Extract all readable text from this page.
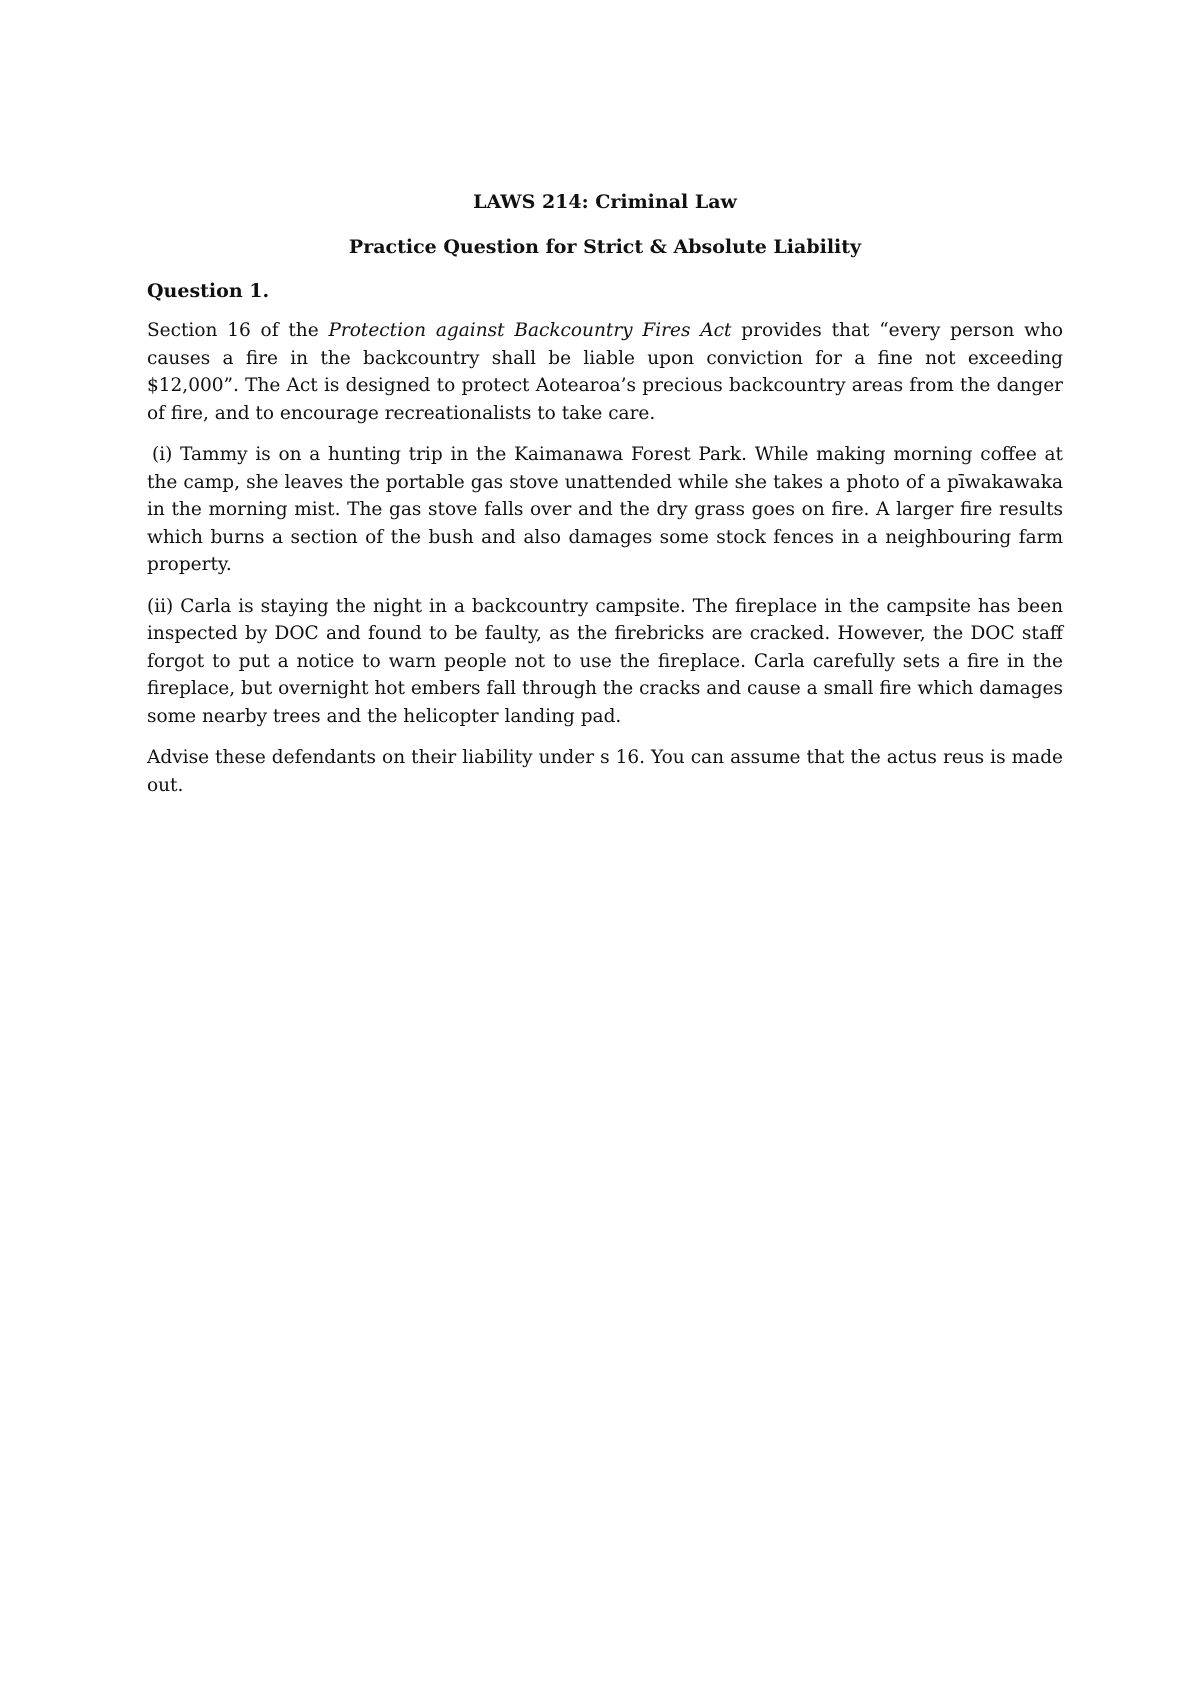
LAWS 214: Criminal Law

Practice Question for Strict & Absolute Liability

Question 1.

Section 16 of the Protection against Backcountry Fires Act provides that “every person who causes a fire in the backcountry shall be liable upon conviction for a fine not exceeding $12,000”. The Act is designed to protect Aotearoa’s precious backcountry areas from the danger of fire, and to encourage recreationalists to take care.

(i) Tammy is on a hunting trip in the Kaimanawa Forest Park. While making morning coffee at the camp, she leaves the portable gas stove unattended while she takes a photo of a pīwakawaka in the morning mist. The gas stove falls over and the dry grass goes on fire. A larger fire results which burns a section of the bush and also damages some stock fences in a neighbouring farm property.

(ii) Carla is staying the night in a backcountry campsite. The fireplace in the campsite has been inspected by DOC and found to be faulty, as the firebricks are cracked. However, the DOC staff forgot to put a notice to warn people not to use the fireplace. Carla carefully sets a fire in the fireplace, but overnight hot embers fall through the cracks and cause a small fire which damages some nearby trees and the helicopter landing pad.

Advise these defendants on their liability under s 16. You can assume that the actus reus is made out.
